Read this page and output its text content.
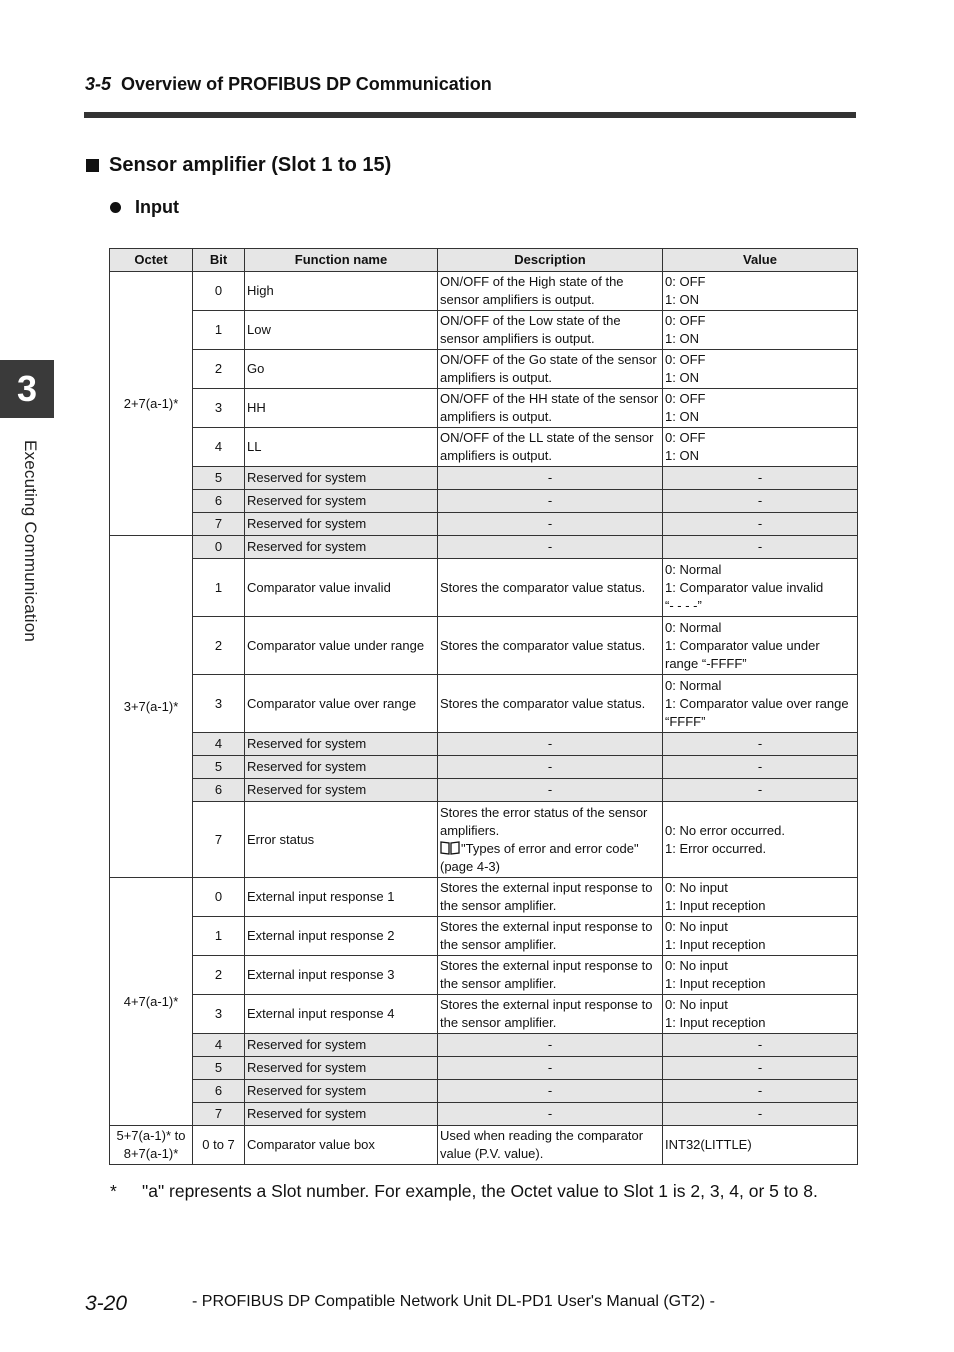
3-5 Overview of PROFIBUS DP Communication
Sensor amplifier (Slot 1 to 15)
Input
3
Executing Communication
Octet	Bit	Function name	Description	Value
2+7(a-1)*	0	High	ON/OFF of the High state of the sensor amplifiers is output.	0: OFF
1: ON
	1	Low	ON/OFF of the Low state of the sensor amplifiers is output.	0: OFF
1: ON
	2	Go	ON/OFF of the Go state of the sensor amplifiers is output.	0: OFF
1: ON
	3	HH	ON/OFF of the HH state of the sensor amplifiers is output.	0: OFF
1: ON
	4	LL	ON/OFF of the LL state of the sensor amplifiers is output.	0: OFF
1: ON
	5	Reserved for system	-	-
	6	Reserved for system	-	-
	7	Reserved for system	-	-
3+7(a-1)*	0	Reserved for system	-	-
	1	Comparator value invalid	Stores the comparator value status.	0: Normal
1: Comparator value invalid
“- - - -”
	2	Comparator value under range	Stores the comparator value status.	0: Normal
1: Comparator value under range “-FFFF”
	3	Comparator value over range	Stores the comparator value status.	0: Normal
1: Comparator value over range “FFFF”
	4	Reserved for system	-	-
	5	Reserved for system	-	-
	6	Reserved for system	-	-
	7	Error status	Stores the error status of the sensor amplifiers.
"Types of error and error code" (page 4-3)	0: No error occurred.
1: Error occurred.
4+7(a-1)*	0	External input response 1	Stores the external input response to the sensor amplifier.	0: No input
1: Input reception
	1	External input response 2	Stores the external input response to the sensor amplifier.	0: No input
1: Input reception
	2	External input response 3	Stores the external input response to the sensor amplifier.	0: No input
1: Input reception
	3	External input response 4	Stores the external input response to the sensor amplifier.	0: No input
1: Input reception
	4	Reserved for system	-	-
	5	Reserved for system	-	-
	6	Reserved for system	-	-
	7	Reserved for system	-	-
5+7(a-1)* to 8+7(a-1)*	0 to 7	Comparator value box	Used when reading the comparator value (P.V. value).	INT32(LITTLE)
* "a" represents a Slot number. For example, the Octet value to Slot 1 is 2, 3, 4, or 5 to 8.
3-20	- PROFIBUS DP Compatible Network Unit DL-PD1 User's Manual (GT2) -
